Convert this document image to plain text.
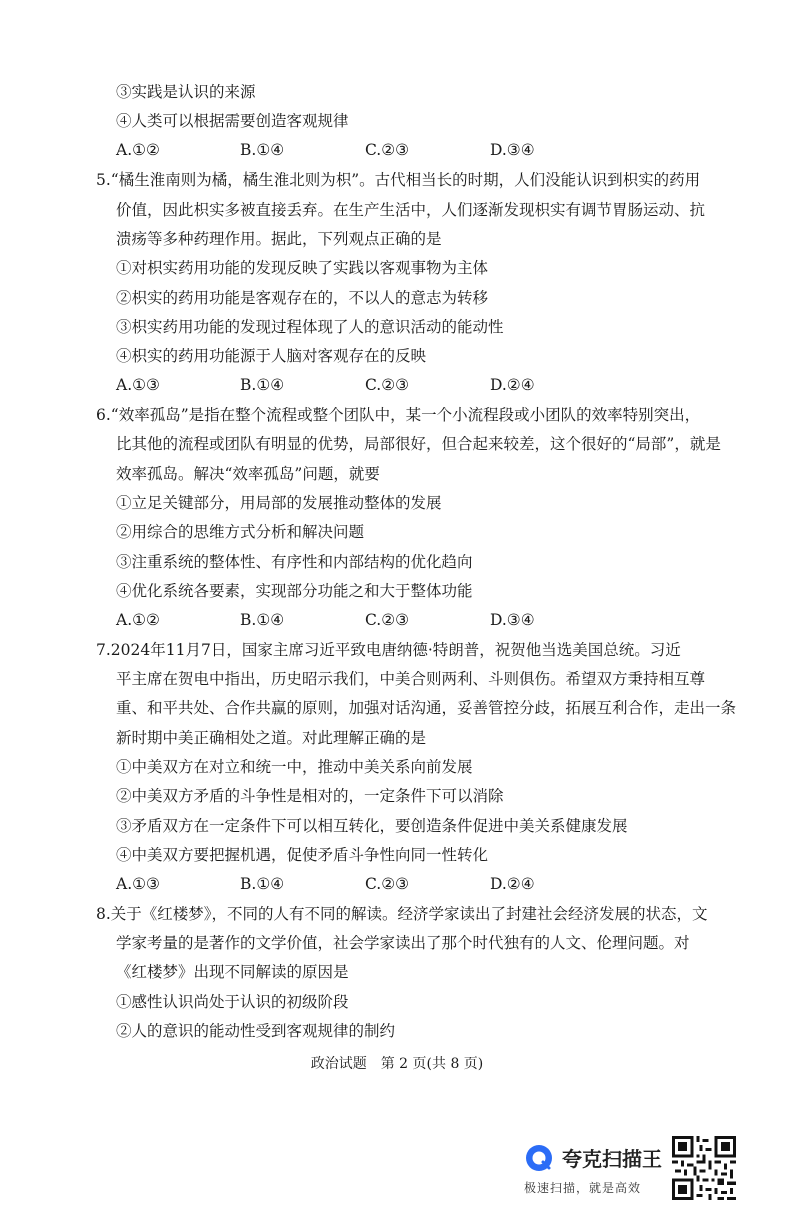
③实践是认识的来源
④人类可以根据需要创造客观规律
A.①②	B.①④	C.②③	D.③④
5.“橘生淮南则为橘，橘生淮北则为枳”。古代相当长的时期，人们没能认识到枳实的药用
价值，因此枳实多被直接丢弃。在生产生活中，人们逐渐发现枳实有调节胃肠运动、抗
溃疡等多种药理作用。据此，下列观点正确的是
①对枳实药用功能的发现反映了实践以客观事物为主体
②枳实的药用功能是客观存在的，不以人的意志为转移
③枳实药用功能的发现过程体现了人的意识活动的能动性
④枳实的药用功能源于人脑对客观存在的反映
A.①③	B.①④	C.②③	D.②④
6.“效率孤岛”是指在整个流程或整个团队中，某一个小流程段或小团队的效率特别突出，
比其他的流程或团队有明显的优势，局部很好，但合起来较差，这个很好的“局部”，就是
效率孤岛。解决“效率孤岛”问题，就要
①立足关键部分，用局部的发展推动整体的发展
②用综合的思维方式分析和解决问题
③注重系统的整体性、有序性和内部结构的优化趋向
④优化系统各要素，实现部分功能之和大于整体功能
A.①②	B.①④	C.②③	D.③④
7.2024年11月7日，国家主席习近平致电唐纳德·特朗普，祝贺他当选美国总统。习近
平主席在贺电中指出，历史昭示我们，中美合则两利、斗则俱伤。希望双方秉持相互尊
重、和平共处、合作共赢的原则，加强对话沟通，妥善管控分歧，拓展互利合作，走出一条
新时期中美正确相处之道。对此理解正确的是
①中美双方在对立和统一中，推动中美关系向前发展
②中美双方矛盾的斗争性是相对的，一定条件下可以消除
③矛盾双方在一定条件下可以相互转化，要创造条件促进中美关系健康发展
④中美双方要把握机遇，促使矛盾斗争性向同一性转化
A.①③	B.①④	C.②③	D.②④
8.关于《红楼梦》，不同的人有不同的解读。经济学家读出了封建社会经济发展的状态，文
学家考量的是著作的文学价值，社会学家读出了那个时代独有的人文、伦理问题。对
《红楼梦》出现不同解读的原因是
①感性认识尚处于认识的初级阶段
②人的意识的能动性受到客观规律的制约
政治试题　第 2 页(共 8 页)
夸克扫描王
极速扫描，就是高效
